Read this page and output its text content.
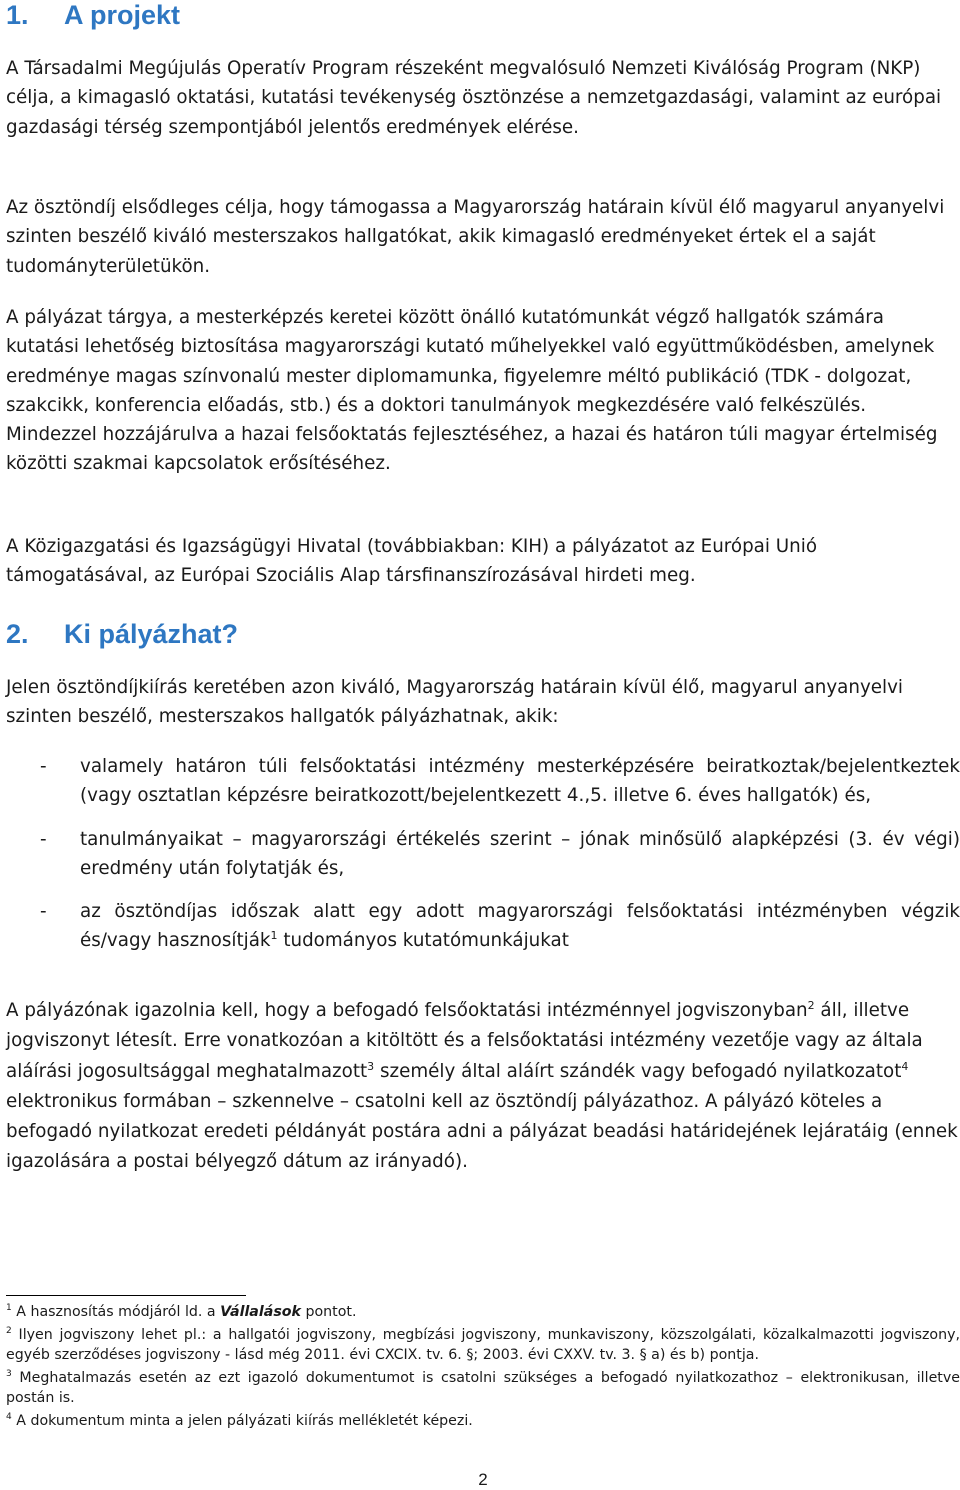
1. A projekt

A Társadalmi Megújulás Operatív Program részeként megvalósuló Nemzeti Kiválóság Program (NKP) célja, a kimagasló oktatási, kutatási tevékenység ösztönzése a nemzetgazdasági, valamint az európai gazdasági térség szempontjából jelentős eredmények elérése.

Az ösztöndíj elsődleges célja, hogy támogassa a Magyarország határain kívül élő magyarul anyanyelvi szinten beszélő kiváló mesterszakos hallgatókat, akik kimagasló eredményeket értek el a saját tudományterületükön.

A pályázat tárgya, a mesterképzés keretei között önálló kutatómunkát végző hallgatók számára kutatási lehetőség biztosítása magyarországi kutató műhelyekkel való együttműködésben, amelynek eredménye magas színvonalú mester diplomamunka, figyelemre méltó publikáció (TDK - dolgozat, szakcikk, konferencia előadás, stb.) és a doktori tanulmányok megkezdésére való felkészülés. Mindezzel hozzájárulva a hazai felsőoktatás fejlesztéséhez, a hazai és határon túli magyar értelmiség közötti szakmai kapcsolatok erősítéséhez.

A Közigazgatási és Igazságügyi Hivatal (továbbiakban: KIH) a pályázatot az Európai Unió támogatásával, az Európai Szociális Alap társfinanszírozásával hirdeti meg.

2. Ki pályázhat?

Jelen ösztöndíjkiírás keretében azon kiváló, Magyarország határain kívül élő, magyarul anyanyelvi szinten beszélő, mesterszakos hallgatók pályázhatnak, akik:

- valamely határon túli felsőoktatási intézmény mesterképzésére beiratkoztak/bejelentkeztek (vagy osztatlan képzésre beiratkozott/bejelentkezett 4.,5. illetve 6. éves hallgatók) és,
- tanulmányaikat – magyarországi értékelés szerint – jónak minősülő alapképzési (3. év végi) eredmény után folytatják és,
- az ösztöndíjas időszak alatt egy adott magyarországi felsőoktatási intézményben végzik és/vagy hasznosítják$^1$ tudományos kutatómunkájukat

A pályázónak igazolnia kell, hogy a befogadó felsőoktatási intézménnyel jogviszonyban$^2$ áll, illetve jogviszonyt létesít. Erre vonatkozóan a kitöltött és a felsőoktatási intézmény vezetője vagy az általa aláírási jogosultsággal meghatalmazott$^3$ személy által aláírt szándék vagy befogadó nyilatkozatot$^4$ elektronikus formában – szkennelve – csatolni kell az ösztöndíj pályázathoz. A pályázó köteles a befogadó nyilatkozat eredeti példányát postára adni a pályázat beadási határidejének lejáratáig (ennek igazolására a postai bélyegző dátum az irányadó).

$^1$ A hasznosítás módjáról ld. a Vállalások pontot.

$^2$ Ilyen jogviszony lehet pl.: a hallgatói jogviszony, megbízási jogviszony, munkaviszony, közszolgálati, közalkalmazotti jogviszony, egyéb szerződéses jogviszony - lásd még 2011. évi CXCIX. tv. 6. §; 2003. évi CXXV. tv. 3. § a) és b) pontja.

$^3$ Meghatalmazás esetén az ezt igazoló dokumentumot is csatolni szükséges a befogadó nyilatkozathoz – elektronikusan, illetve postán is.

$^4$ A dokumentum minta a jelen pályázati kiírás mellékletét képezi.

2
